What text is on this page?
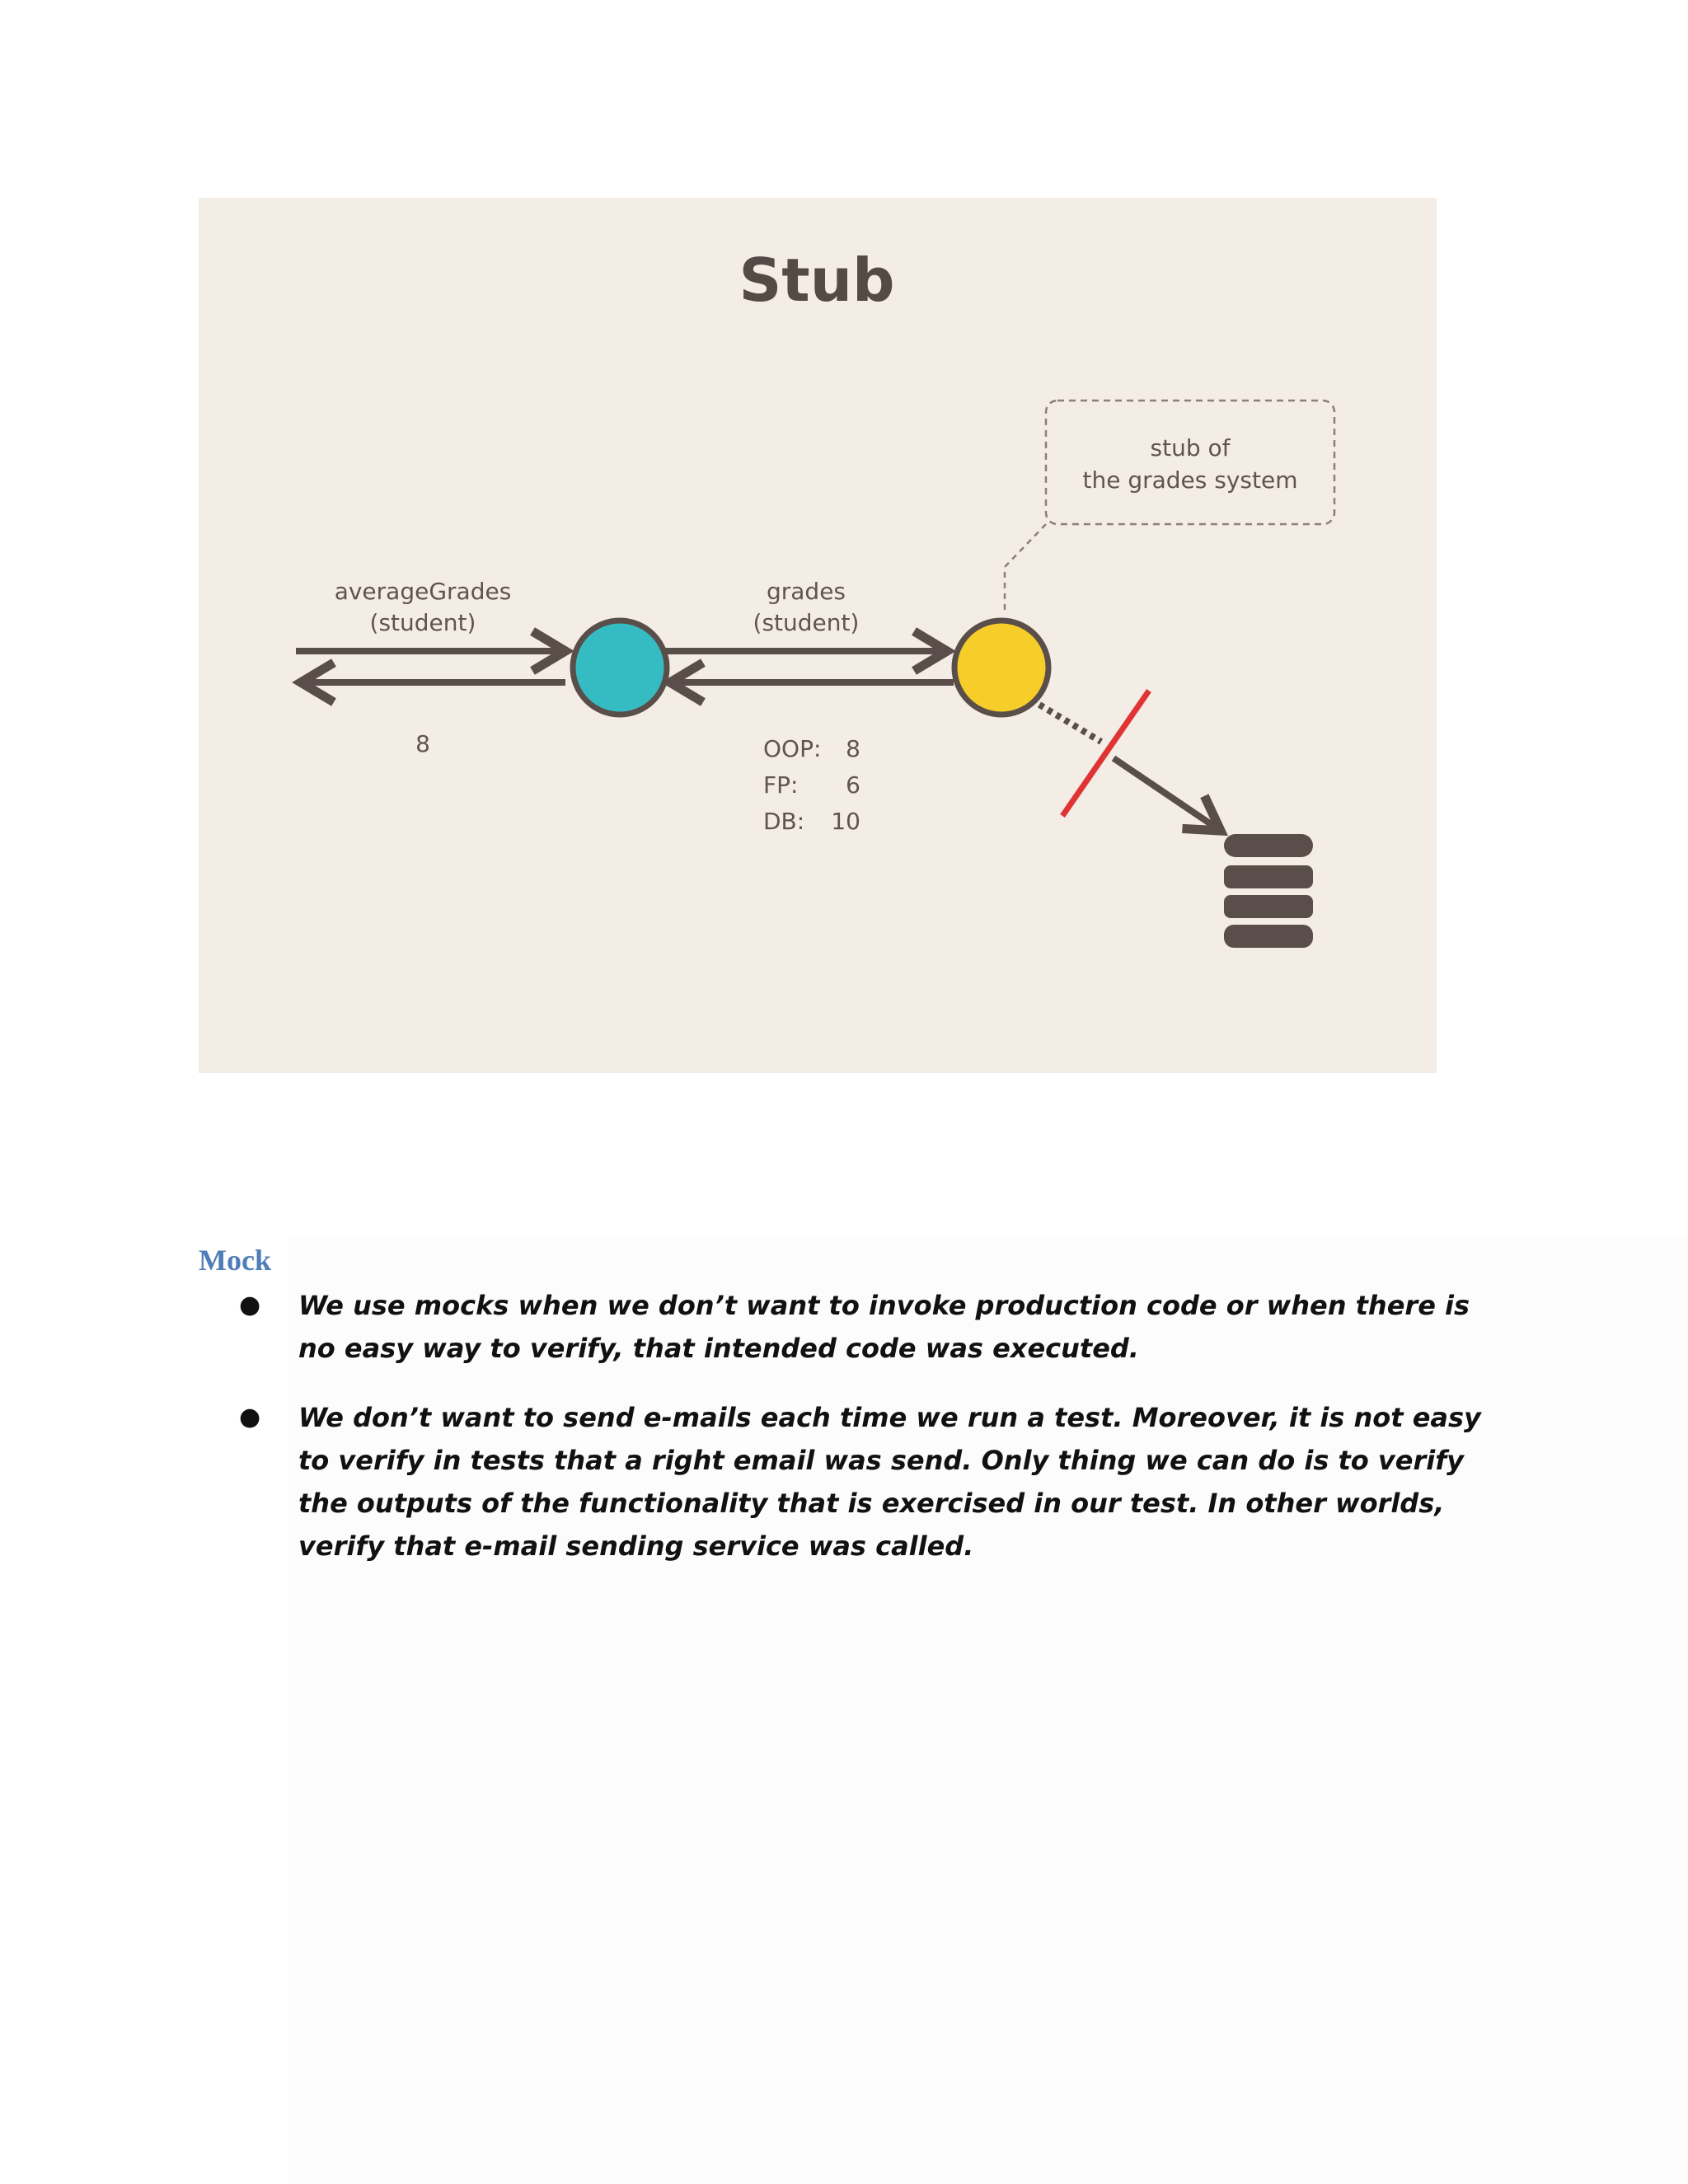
Stub
stub of
the grades system
averageGrades
(student)
grades
(student)
8	OOP: 8
FP: 6
DB: 10
Mock
● We use mocks when we don’t want to invoke production code or when there is no easy way to verify, that intended code was executed.
● We don’t want to send e-mails each time we run a test. Moreover, it is not easy to verify in tests that a right email was send. Only thing we can do is to verify the outputs of the functionality that is exercised in our test. In other worlds, verify that e-mail sending service was called.
